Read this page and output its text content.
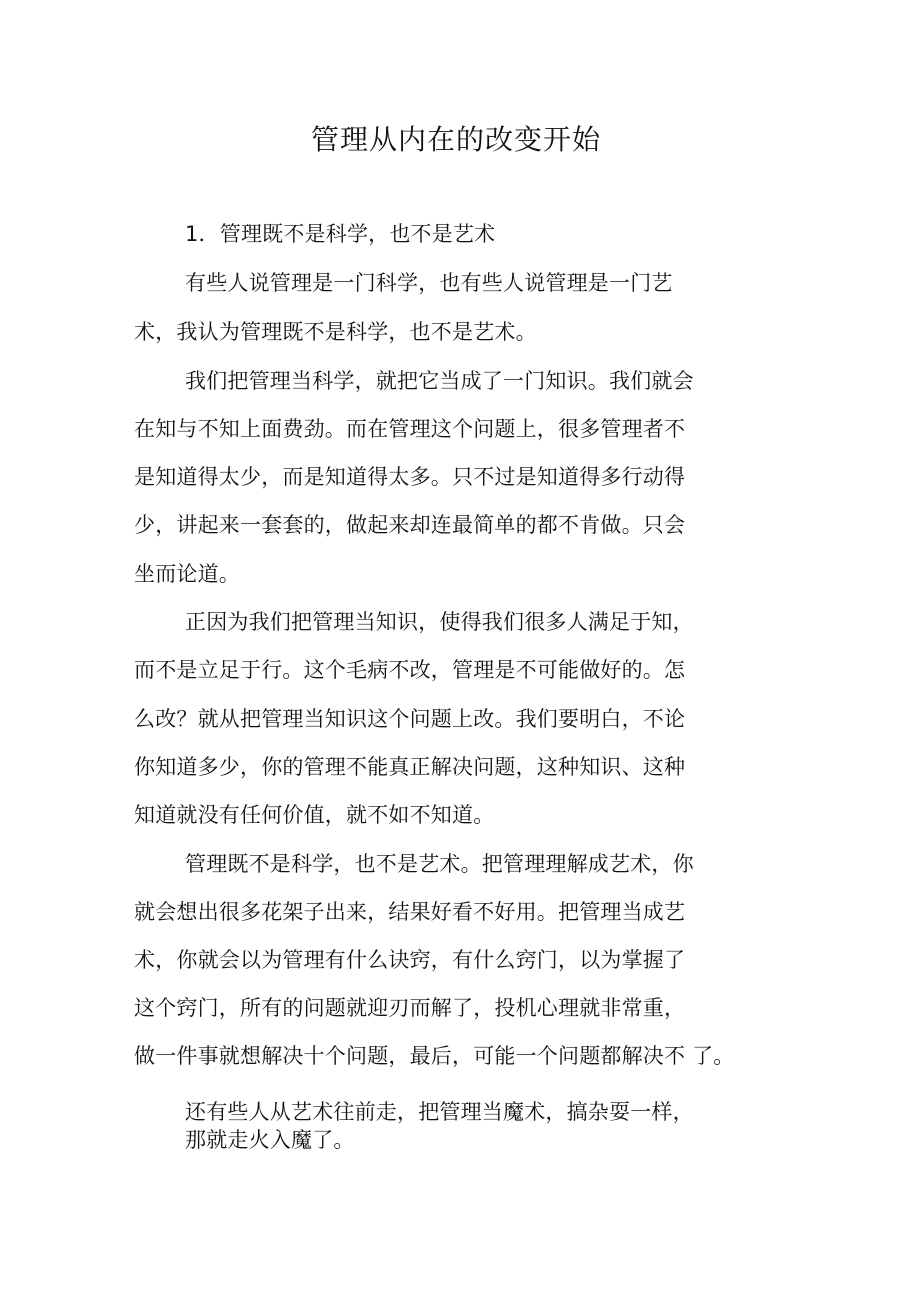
管理从内在的改变开始
1．管理既不是科学，也不是艺术
有些人说管理是一门科学，也有些人说管理是一门艺
术，我认为管理既不是科学，也不是艺术。
我们把管理当科学，就把它当成了一门知识。我们就会
在知与不知上面费劲。而在管理这个问题上，很多管理者不
是知道得太少，而是知道得太多。只不过是知道得多行动得
少，讲起来一套套的，做起来却连最简单的都不肯做。只会
坐而论道。
正因为我们把管理当知识，使得我们很多人满足于知，
而不是立足于行。这个毛病不改，管理是不可能做好的。怎
么改？就从把管理当知识这个问题上改。我们要明白，不论
你知道多少，你的管理不能真正解决问题，这种知识、这种
知道就没有任何价值，就不如不知道。
管理既不是科学，也不是艺术。把管理理解成艺术，你
就会想出很多花架子出来，结果好看不好用。把管理当成艺
术，你就会以为管理有什么诀窍，有什么窍门，以为掌握了
这个窍门，所有的问题就迎刃而解了，投机心理就非常重，
做一件事就想解决十个问题，最后，可能一个问题都解决不 了。
还有些人从艺术往前走，把管理当魔术，搞杂耍一样，
那就走火入魔了。
